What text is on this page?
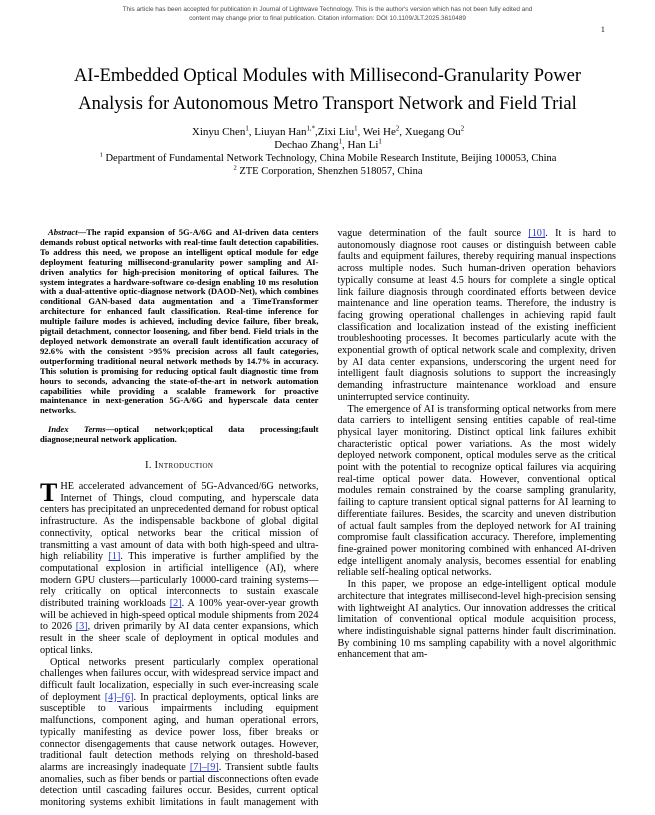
This article has been accepted for publication in Journal of Lightwave Technology. This is the author's version which has not been fully edited and
content may change prior to final publication. Citation information: DOI 10.1109/JLT.2025.3610489
1
AI-Embedded Optical Modules with Millisecond-Granularity Power
Analysis for Autonomous Metro Transport Network and Field Trial
Xinyu Chen$^1$, Liuyan Han$^{1,*}$,Zixi Liu$^1$, Wei He$^2$, Xuegang Ou$^2$
Dechao Zhang$^1$, Han Li$^1$
$^1$ Department of Fundamental Network Technology, China Mobile Research Institute, Beijing 100053, China
$^2$ ZTE Corporation, Shenzhen 518057, China

Abstract—The rapid expansion of 5G-A/6G and AI-driven data centers demands robust optical networks with real-time fault detection capabilities. To address this need, we propose an intelligent optical module for edge deployment featuring millisecond-granularity power sampling and AI-driven analytics for high-precision monitoring of optical failures. The system integrates a hardware-software co-design enabling 10 ms resolution with a dual-attentive optic-diagnose network (DAOD-Net), which combines conditional GAN-based data augmentation and a TimeTransformer architecture for enhanced fault classification. Real-time inference for multiple failure modes is achieved, including device failure, fiber break, pigtail detachment, connector loosening, and fiber bend. Field trials in the deployed network demonstrate an overall fault identification accuracy of 92.6% with the consistent >95% precision across all fault categories, outperforming traditional neural network methods by 14.7% in accuracy. This solution is promising for reducing optical fault diagnostic time from hours to seconds, advancing the state-of-the-art in network automation capabilities while providing a scalable framework for proactive maintenance in next-generation 5G-A/6G and hyperscale data center networks.

Index Terms—optical network;optical data processing;fault diagnose;neural network application.

I. Introduction

THE accelerated advancement of 5G-Advanced/6G networks, Internet of Things, cloud computing, and hyperscale data centers has precipitated an unprecedented demand for robust optical infrastructure. As the indispensable backbone of global digital connectivity, optical networks bear the critical mission of transmitting a vast amount of data with both high-speed and ultra-high reliability [1]. This imperative is further amplified by the computational explosion in artificial intelligence (AI), where modern GPU clusters—particularly 10000-card training systems—rely critically on optical interconnects to sustain exascale distributed training workloads [2]. A 100% year-over-year growth will be achieved in high-speed optical module shipments from 2024 to 2026 [3], driven primarily by AI data center expansions, which result in the sheer scale of deployment in optical modules and optical links.

Optical networks present particularly complex operational challenges when failures occur, with widespread service impact and difficult fault localization, especially in such ever-increasing scale of deployment [4]–[6]. In practical deployments, optical links are susceptible to various impairments including equipment malfunctions, component aging, and human operational errors, typically manifesting as device power loss, fiber breaks or connector disengagements that cause network outages. However, traditional fault detection methods relying on threshold-based alarms are increasingly inadequate [7]–[9]. Transient subtle faults anomalies, such as fiber bends or partial disconnections often evade detection until cascading failures occur. Besides, current optical monitoring systems exhibit limitations in fault management with vague determination of the fault source [10]. It is hard to autonomously diagnose root causes or distinguish between cable faults and equipment failures, thereby requiring manual inspections across multiple nodes. Such human-driven operation behaviors typically consume at least 4.5 hours for complete a single optical link failure diagnosis through coordinated efforts between device maintenance and line operation teams. Therefore, the industry is facing growing operational challenges in achieving rapid fault classification and localization instead of the existing inefficient troubleshooting processes. It becomes particularly acute with the exponential growth of optical network scale and complexity, driven by AI data center expansions, underscoring the urgent need for intelligent fault diagnosis solutions to support the increasingly demanding infrastructure maintenance workload and ensure uninterrupted service continuity.

The emergence of AI is transforming optical networks from mere data carriers to intelligent sensing entities capable of real-time physical layer monitoring. Distinct optical link failures exhibit characteristic optical power variations. As the most widely deployed network component, optical modules serve as the critical point with the potential to recognize optical failures via acquiring real-time optical power data. However, conventional optical modules remain constrained by the coarse sampling granularity, failing to capture transient optical signal patterns for AI learning to differentiate failures. Besides, the scarcity and uneven distribution of actual fault samples from the deployed network for AI training compromise fault classification accuracy. Therefore, implementing fine-grained power monitoring combined with enhanced AI-driven edge intelligent anomaly analysis, becomes essential for enabling reliable self-healing optical networks.

In this paper, we propose an edge-intelligent optical module architecture that integrates millisecond-level high-precision sensing with lightweight AI analytics. Our innovation addresses the critical limitation of conventional optical module acquisition process, where indistinguishable signal patterns hinder fault discrimination. By combining 10 ms sampling capability with a novel algorithmic enhancement that am-
